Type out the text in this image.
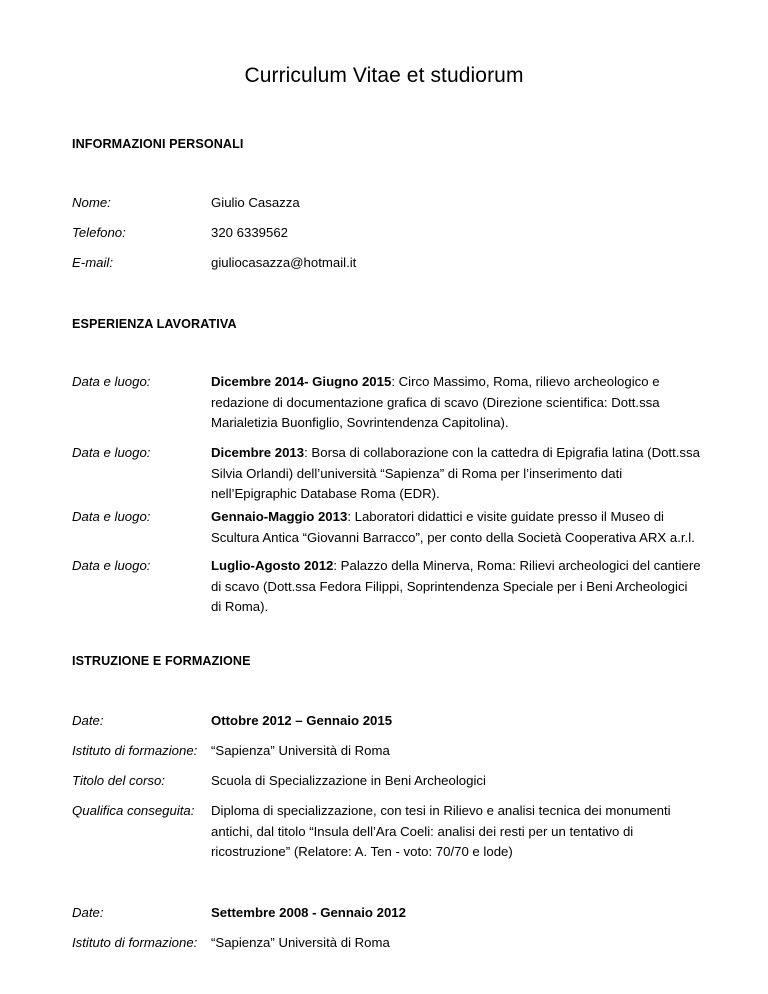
Curriculum Vitae et studiorum
INFORMAZIONI PERSONALI
Nome:	Giulio Casazza
Telefono:	320 6339562
E-mail:	giuliocasazza@hotmail.it
ESPERIENZA LAVORATIVA
Data e luogo:	Dicembre 2014- Giugno 2015: Circo Massimo, Roma, rilievo archeologico e redazione di documentazione grafica di scavo (Direzione scientifica: Dott.ssa Marialetizia Buonfiglio, Sovrintendenza Capitolina).
Data e luogo:	Dicembre 2013: Borsa di collaborazione con la cattedra di Epigrafia latina (Dott.ssa Silvia Orlandi) dell’università “Sapienza” di Roma per l’inserimento dati nell’Epigraphic Database Roma (EDR).
Data e luogo:	Gennaio-Maggio 2013: Laboratori didattici e visite guidate presso il Museo di Scultura Antica “Giovanni Barracco”, per conto della Società Cooperativa ARX a.r.l.
Data e luogo:	Luglio-Agosto 2012: Palazzo della Minerva, Roma: Rilievi archeologici del cantiere di scavo (Dott.ssa Fedora Filippi, Soprintendenza Speciale per i Beni Archeologici di Roma).
ISTRUZIONE E FORMAZIONE
Date:	Ottobre 2012 – Gennaio 2015
Istituto di formazione: “Sapienza” Università di Roma
Titolo del corso:	Scuola di Specializzazione in Beni Archeologici
Qualifica conseguita: Diploma di specializzazione, con tesi in Rilievo e analisi tecnica dei monumenti antichi, dal titolo “Insula dell’Ara Coeli: analisi dei resti per un tentativo di ricostruzione” (Relatore: A. Ten - voto: 70/70 e lode)
Date:	Settembre 2008 - Gennaio 2012
Istituto di formazione: “Sapienza” Università di Roma
